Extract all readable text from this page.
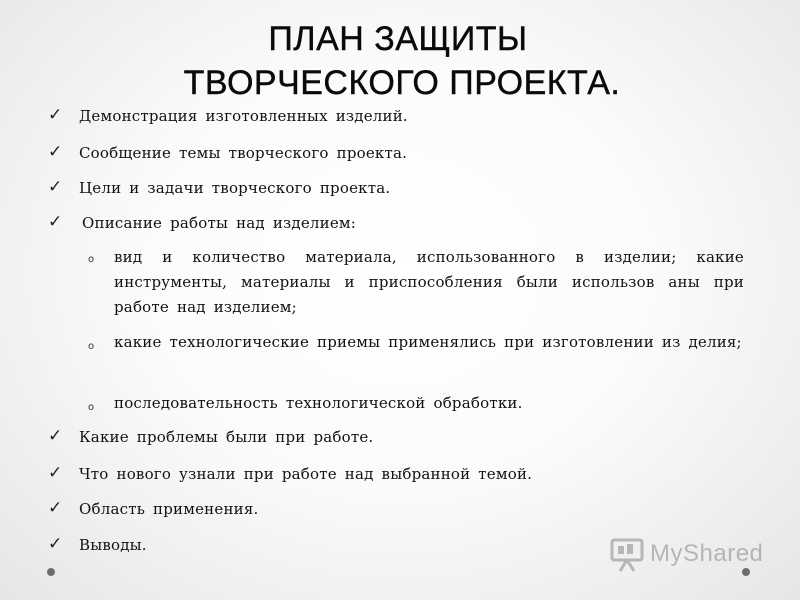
ПЛАН ЗАЩИТЫ
ТВОРЧЕСКОГО ПРОЕКТА.
✓	Демонстрация изготовленных изделий.
✓	Сообщение темы творческого проекта.
✓	Цели и задачи творческого проекта.
✓	Описание работы над изделием:
o вид и количество материала, использованного в изделии; какие инструменты, материалы и приспособления были использов аны при работе над изделием;
o какие технологические приемы применялись при изготовлении из делия;
o последовательность технологической обработки.
✓	Какие проблемы были при работе.
✓	Что нового узнали при работе над выбранной темой.
✓	Область применения.
✓	Выводы.	MyShared
